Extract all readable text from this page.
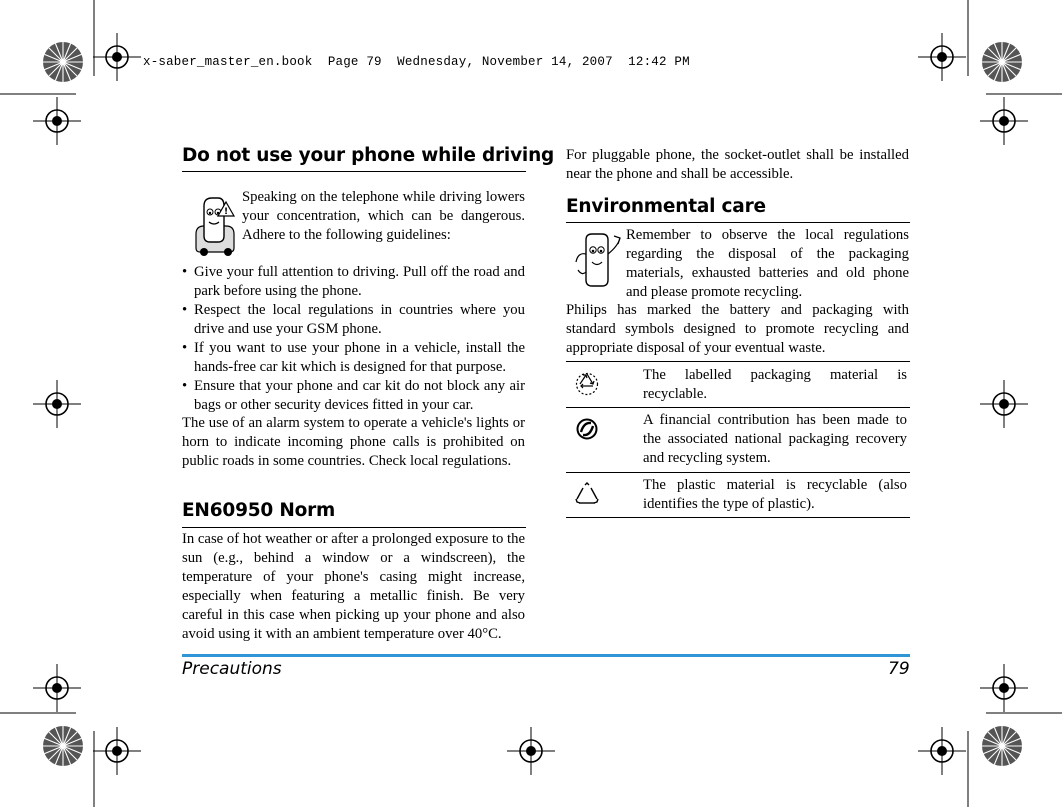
x-saber_master_en.book  Page 79  Wednesday, November 14, 2007  12:42 PM
Do not use your phone while driving
!
Speaking on the telephone while driving lowers your concentration, which can be dangerous. Adhere to the following guidelines:
• Give your full attention to driving. Pull off the road and park before using the phone.
• Respect the local regulations in countries where you drive and use your GSM phone.
• If you want to use your phone in a vehicle, install the hands-free car kit which is designed for that purpose.
• Ensure that your phone and car kit do not block any air bags or other security devices fitted in your car.
The use of an alarm system to operate a vehicle's lights or horn to indicate incoming phone calls is prohibited on public roads in some countries. Check local regulations.
EN60950 Norm
In case of hot weather or after a prolonged exposure to the sun (e.g., behind a window or a windscreen), the temperature of your phone's casing might increase, especially when featuring a metallic finish. Be very careful in this case when picking up your phone and also avoid using it with an ambient temperature over 40°C.
For pluggable phone, the socket-outlet shall be installed near the phone and shall be accessible.
Environmental care
Remember to observe the local regulations regarding the disposal of the packaging materials, exhausted batteries and old phone and please promote recycling.
Philips has marked the battery and packaging with standard symbols designed to promote recycling and appropriate disposal of your eventual waste.
The labelled packaging material is recyclable.
A financial contribution has been made to the associated national packaging recovery and recycling system.
The plastic material is recyclable (also identifies the type of plastic).
Precautions	79
